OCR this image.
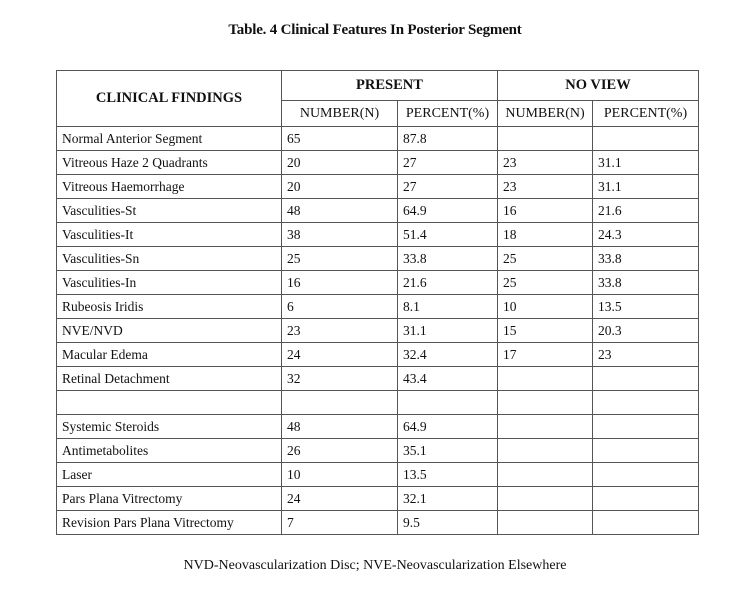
Table. 4 Clinical Features In Posterior Segment
CLINICAL FINDINGS	PRESENT		NO VIEW	
	NUMBER(N)	PERCENT(%)	NUMBER(N)	PERCENT(%)
Normal Anterior Segment	65	87.8		
Vitreous Haze 2 Quadrants	20	27	23	31.1
Vitreous Haemorrhage	20	27	23	31.1
Vasculities-St	48	64.9	16	21.6
Vasculities-It	38	51.4	18	24.3
Vasculities-Sn	25	33.8	25	33.8
Vasculities-In	16	21.6	25	33.8
Rubeosis Iridis	6	8.1	10	13.5
NVE/NVD	23	31.1	15	20.3
Macular Edema	24	32.4	17	23
Retinal Detachment	32	43.4		

Systemic Steroids	48	64.9		
Antimetabolites	26	35.1		
Laser	10	13.5		
Pars Plana Vitrectomy	24	32.1		
Revision Pars Plana Vitrectomy	7	9.5		
NVD-Neovascularization Disc; NVE-Neovascularization Elsewhere
